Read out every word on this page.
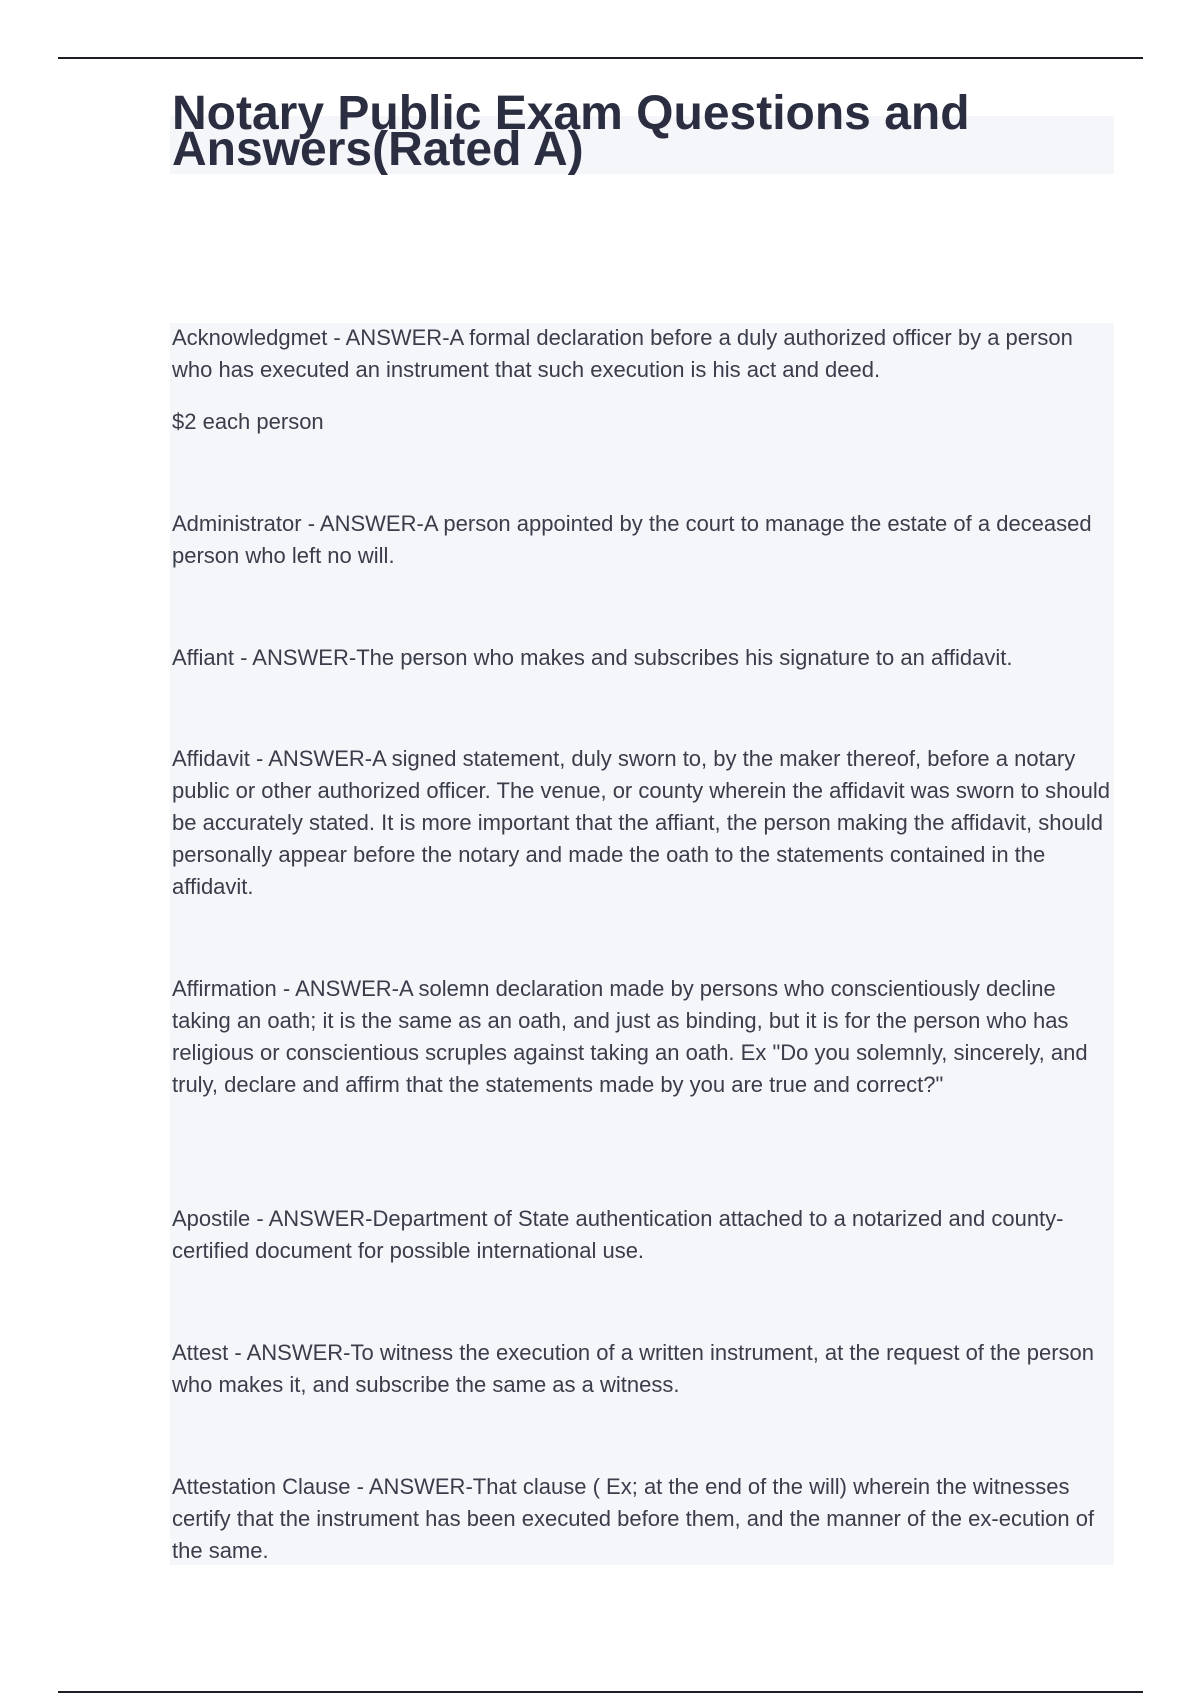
Notary Public Exam Questions and Answers(Rated A)

Acknowledgmet - ANSWER-A formal declaration before a duly authorized officer by a person who has executed an instrument that such execution is his act and deed.

$2 each person

Administrator - ANSWER-A person appointed by the court to manage the estate of a deceased person who left no will.

Affiant - ANSWER-The person who makes and subscribes his signature to an affidavit.

Affidavit - ANSWER-A signed statement, duly sworn to, by the maker thereof, before a notary public or other authorized officer. The venue, or county wherein the affidavit was sworn to should be accurately stated. It is more important that the affiant, the person making the affidavit, should personally appear before the notary and made the oath to the statements contained in the affidavit.

Affirmation - ANSWER-A solemn declaration made by persons who conscientiously decline taking an oath; it is the same as an oath, and just as binding, but it is for the person who has religious or conscientious scruples against taking an oath. Ex "Do you solemnly, sincerely, and truly, declare and affirm that the statements made by you are true and correct?"

Apostile - ANSWER-Department of State authentication attached to a notarized and county-certified document for possible international use.

Attest - ANSWER-To witness the execution of a written instrument, at the request of the person who makes it, and subscribe the same as a witness.

Attestation Clause - ANSWER-That clause ( Ex; at the end of the will) wherein the witnesses certify that the instrument has been executed before them, and the manner of the ex-ecution of the same.
